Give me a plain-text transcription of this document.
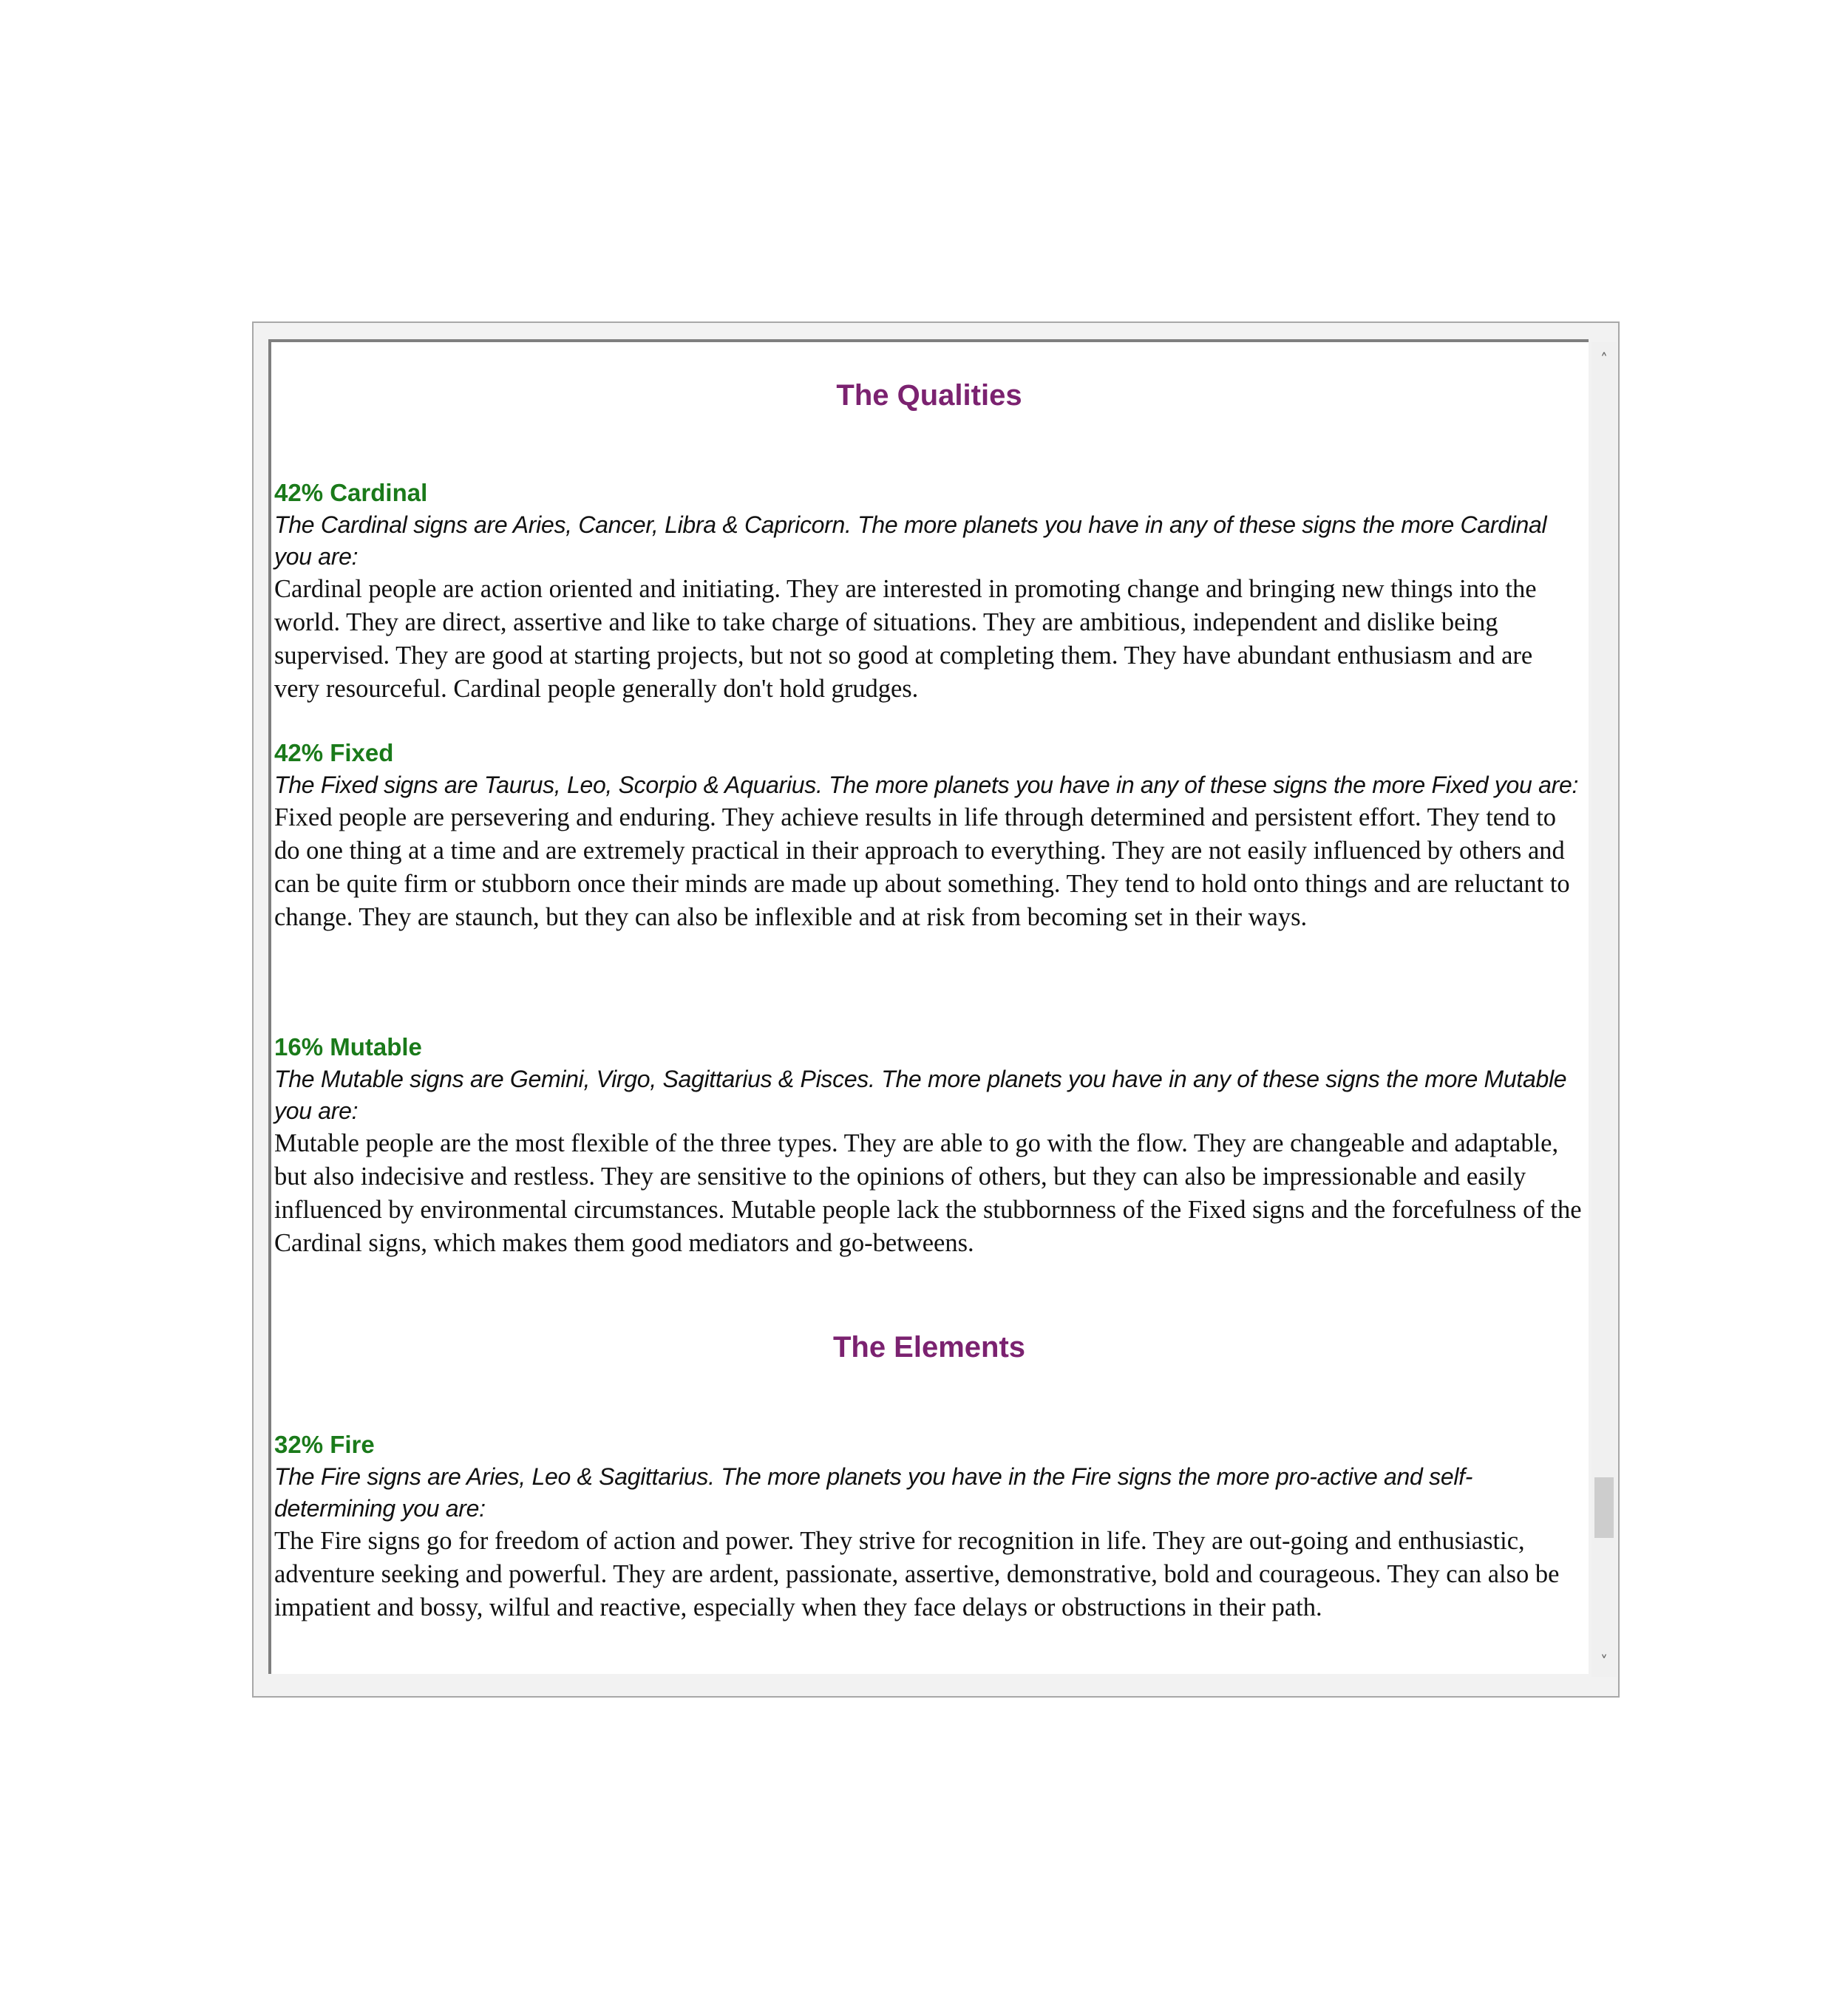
The Qualities
42% Cardinal
The Cardinal signs are Aries, Cancer, Libra & Capricorn. The more planets you have in any of these signs the more Cardinal you are:
Cardinal people are action oriented and initiating. They are interested in promoting change and bringing new things into the world. They are direct, assertive and like to take charge of situations. They are ambitious, independent and dislike being supervised. They are good at starting projects, but not so good at completing them. They have abundant enthusiasm and are very resourceful. Cardinal people generally don't hold grudges.
42% Fixed
The Fixed signs are Taurus, Leo, Scorpio & Aquarius. The more planets you have in any of these signs the more Fixed you are:
Fixed people are persevering and enduring. They achieve results in life through determined and persistent effort. They tend to do one thing at a time and are extremely practical in their approach to everything. They are not easily influenced by others and can be quite firm or stubborn once their minds are made up about something. They tend to hold onto things and are reluctant to change. They are staunch, but they can also be inflexible and at risk from becoming set in their ways.
16% Mutable
The Mutable signs are Gemini, Virgo, Sagittarius & Pisces. The more planets you have in any of these signs the more Mutable you are:
Mutable people are the most flexible of the three types. They are able to go with the flow. They are changeable and adaptable, but also indecisive and restless. They are sensitive to the opinions of others, but they can also be impressionable and easily influenced by environmental circumstances. Mutable people lack the stubbornness of the Fixed signs and the forcefulness of the Cardinal signs, which makes them good mediators and go-betweens.
The Elements
32% Fire
The Fire signs are Aries, Leo & Sagittarius. The more planets you have in the Fire signs the more pro-active and self-determining you are:
The Fire signs go for freedom of action and power. They strive for recognition in life. They are out-going and enthusiastic, adventure seeking and powerful. They are ardent, passionate, assertive, demonstrative, bold and courageous. They can also be impatient and bossy, wilful and reactive, especially when they face delays or obstructions in their path.
˄
˅
